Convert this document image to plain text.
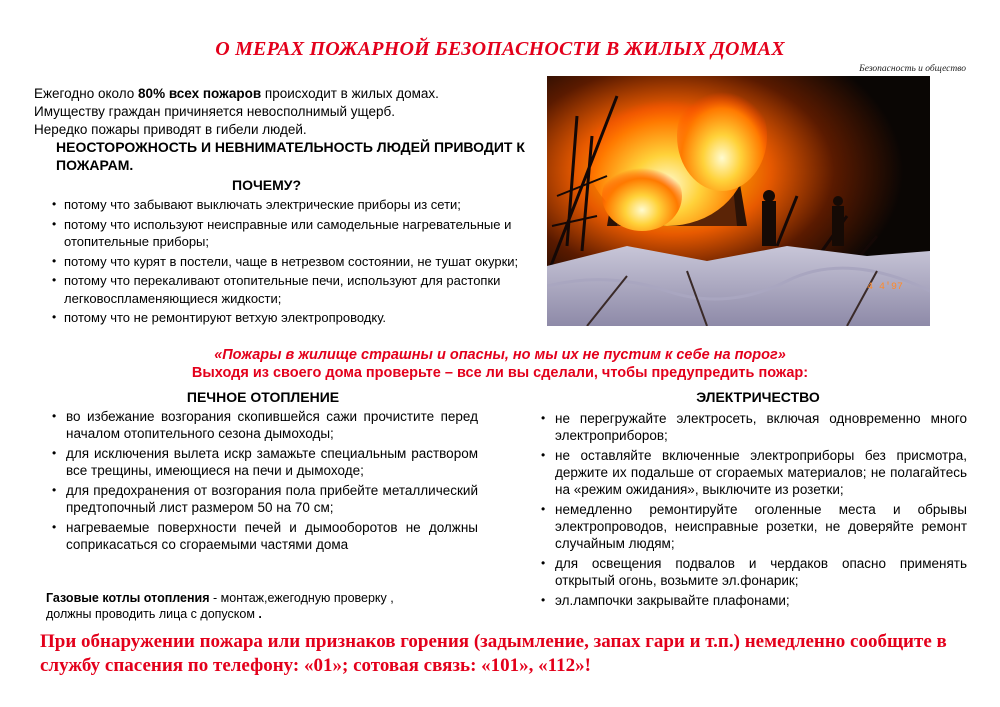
О МЕРАХ ПОЖАРНОЙ БЕЗОПАСНОСТИ В ЖИЛЫХ ДОМАХ
Безопасность и общество
Ежегодно около 80% всех пожаров происходит в жилых домах.
Имуществу граждан причиняется невосполнимый ущерб.
Нередко пожары приводят в гибели людей.
НЕОСТОРОЖНОСТЬ И НЕВНИМАТЕЛЬНОСТЬ ЛЮДЕЙ ПРИВОДИТ К ПОЖАРАМ.
ПОЧЕМУ?
• потому что забывают выключать электрические приборы из сети;
• потому что используют неисправные или самодельные нагревательные и отопительные приборы;
• потому что курят в постели, чаще в нетрезвом состоянии, не тушат окурки;
• потому что перекаливают отопительные печи, используют для растопки легковоспламеняющиеся жидкости;
• потому что не ремонтируют ветхую электропроводку.
4 4'97
«Пожары в жилище страшны и опасны, но мы их не пустим к себе на порог»
Выходя из своего дома проверьте – все ли вы сделали, чтобы предупредить пожар:
ПЕЧНОЕ ОТОПЛЕНИЕ
• во избежание возгорания скопившейся сажи прочистите перед началом отопительного сезона дымоходы;
• для исключения вылета искр замажьте специальным раствором все трещины, имеющиеся на печи и дымоходе;
• для предохранения от возгорания пола прибейте металлический предтопочный лист размером 50 на 70 см;
• нагреваемые поверхности печей и дымооборотов не должны соприкасаться со сгораемыми частями дома
Газовые котлы отопления - монтаж,ежегодную проверку ,
должны проводить лица с допуском .
ЭЛЕКТРИЧЕСТВО
• не перегружайте электросеть, включая одновременно много электроприборов;
• не оставляйте включенные электроприборы без присмотра, держите их подальше от сгораемых материалов; не полагайтесь на «режим ожидания», выключите из розетки;
• немедленно ремонтируйте оголенные места и обрывы электропроводов, неисправные розетки, не доверяйте ремонт случайным людям;
• для освещения подвалов и чердаков опасно применять открытый огонь, возьмите эл.фонарик;
• эл.лампочки закрывайте плафонами;
При обнаружении пожара или признаков горения (задымление, запах гари и т.п.) немедленно сообщите в службу спасения по телефону: «01»; сотовая связь: «101», «112»!
